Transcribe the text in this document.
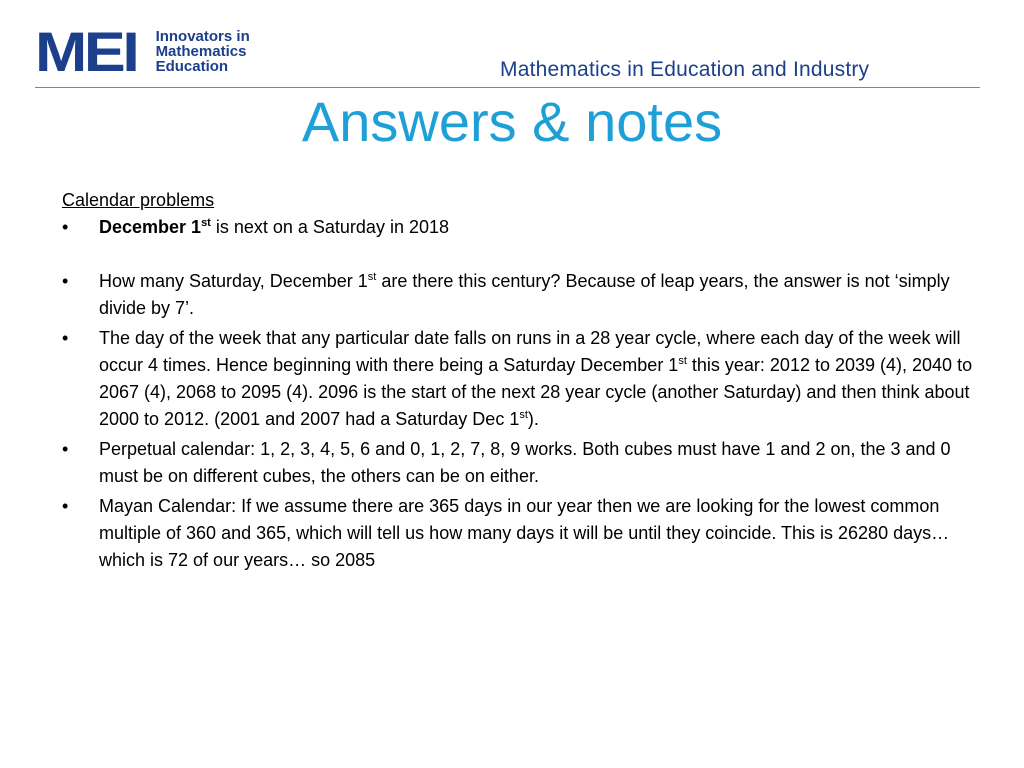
MEI Innovators in
Mathematics
Education	Mathematics in Education and Industry
Answers & notes
Calendar problems
• December 1st is next on a Saturday in 2018
• How many Saturday, December 1st are there this century? Because of leap years, the answer is not ‘simply divide by 7’.
• The day of the week that any particular date falls on runs in a 28 year cycle, where each day of the week will occur 4 times. Hence beginning with there being a Saturday December 1st this year: 2012 to 2039 (4), 2040 to 2067 (4), 2068 to 2095 (4). 2096 is the start of the next 28 year cycle (another Saturday) and then think about 2000 to 2012. (2001 and 2007 had a Saturday Dec 1st).
• Perpetual calendar: 1, 2, 3, 4, 5, 6 and 0, 1, 2, 7, 8, 9 works. Both cubes must have 1 and 2 on, the 3 and 0 must be on different cubes, the others can be on either.
• Mayan Calendar: If we assume there are 365 days in our year then we are looking for the lowest common multiple of 360 and 365, which will tell us how many days it will be until they coincide. This is 26280 days… which is 72 of our years… so 2085
